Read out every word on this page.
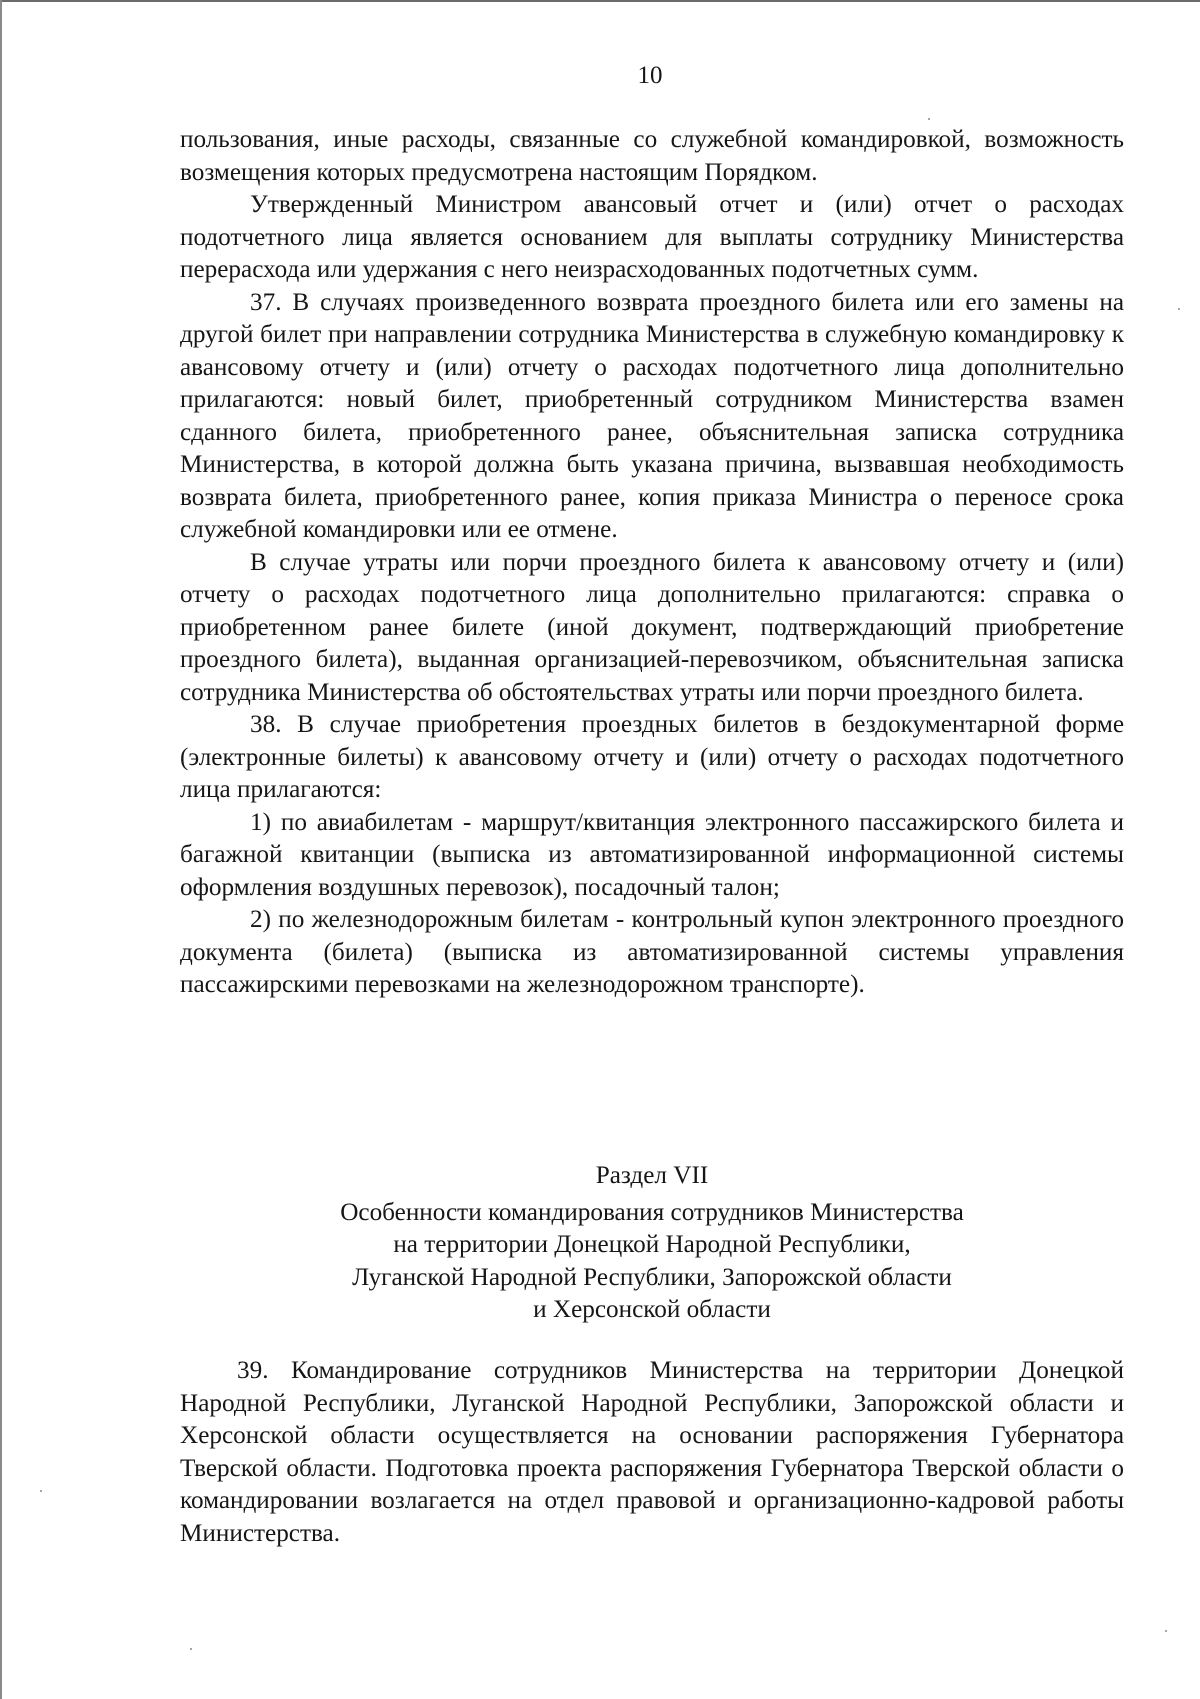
10

пользования, иные расходы, связанные со служебной командировкой, возможность возмещения которых предусмотрена настоящим Порядком.

Утвержденный Министром авансовый отчет и (или) отчет о расходах подотчетного лица является основанием для выплаты сотруднику Министерства перерасхода или удержания с него неизрасходованных подотчетных сумм.

37. В случаях произведенного возврата проездного билета или его замены на другой билет при направлении сотрудника Министерства в служебную командировку к авансовому отчету и (или) отчету о расходах подотчетного лица дополнительно прилагаются: новый билет, приобретенный сотрудником Министерства взамен сданного билета, приобретенного ранее, объяснительная записка сотрудника Министерства, в которой должна быть указана причина, вызвавшая необходимость возврата билета, приобретенного ранее, копия приказа Министра о переносе срока служебной командировки или ее отмене.

В случае утраты или порчи проездного билета к авансовому отчету и (или) отчету о расходах подотчетного лица дополнительно прилагаются: справка о приобретенном ранее билете (иной документ, подтверждающий приобретение проездного билета), выданная организацией-перевозчиком, объяснительная записка сотрудника Министерства об обстоятельствах утраты или порчи проездного билета.

38. В случае приобретения проездных билетов в бездокументарной форме (электронные билеты) к авансовому отчету и (или) отчету о расходах подотчетного лица прилагаются:

1) по авиабилетам - маршрут/квитанция электронного пассажирского билета и багажной квитанции (выписка из автоматизированной информационной системы оформления воздушных перевозок), посадочный талон;

2) по железнодорожным билетам - контрольный купон электронного проездного документа (билета) (выписка из автоматизированной системы управления пассажирскими перевозками на железнодорожном транспорте).

Раздел VII
Особенности командирования сотрудников Министерства
на территории Донецкой Народной Республики,
Луганской Народной Республики, Запорожской области
и Херсонской области

39. Командирование сотрудников Министерства на территории Донецкой Народной Республики, Луганской Народной Республики, Запорожской области и Херсонской области осуществляется на основании распоряжения Губернатора Тверской области. Подготовка проекта распоряжения Губернатора Тверской области о командировании возлагается на отдел правовой и организационно-кадровой работы Министерства.
